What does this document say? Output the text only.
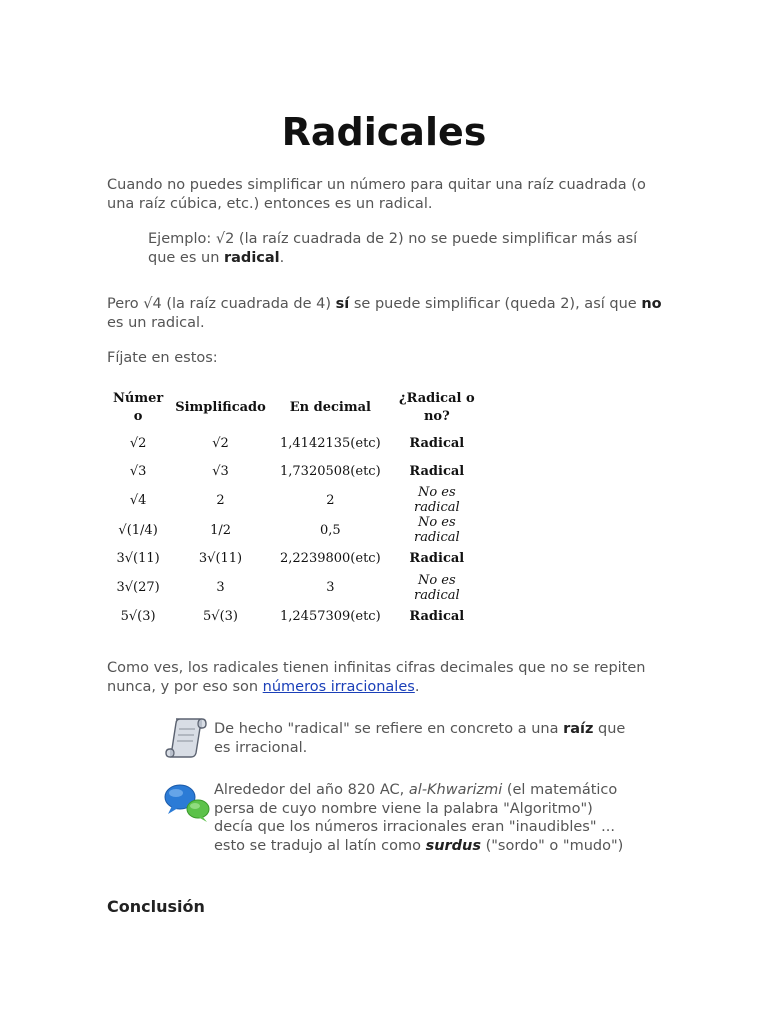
Radicales
Cuando no puedes simplificar un número para quitar una raíz cuadrada (o una raíz cúbica, etc.) entonces es un radical.
Ejemplo: √2 (la raíz cuadrada de 2) no se puede simplificar más así que es un radical.
Pero √4 (la raíz cuadrada de 4) sí se puede simplificar (queda 2), así que no es un radical.
Fíjate en estos:
Númer o	Simplificado	En decimal	¿Radical o no?
√2	√2	1,4142135(etc)	Radical
√3	√3	1,7320508(etc)	Radical
√4	2	2	No es radical
√(1/4)	1/2	0,5	No es radical
3√(11)	3√(11)	2,2239800(etc)	Radical
3√(27)	3	3	No es radical
5√(3)	5√(3)	1,2457309(etc)	Radical
Como ves, los radicales tienen infinitas cifras decimales que no se repiten nunca, y por eso son números irracionales.
De hecho "radical" se refiere en concreto a una raíz que es irracional.
Alrededor del año 820 AC, al-Khwarizmi (el matemático persa de cuyo nombre viene la palabra "Algoritmo") decía que los números irracionales eran "inaudibles" ... esto se tradujo al latín como surdus ("sordo" o "mudo")
Conclusión
